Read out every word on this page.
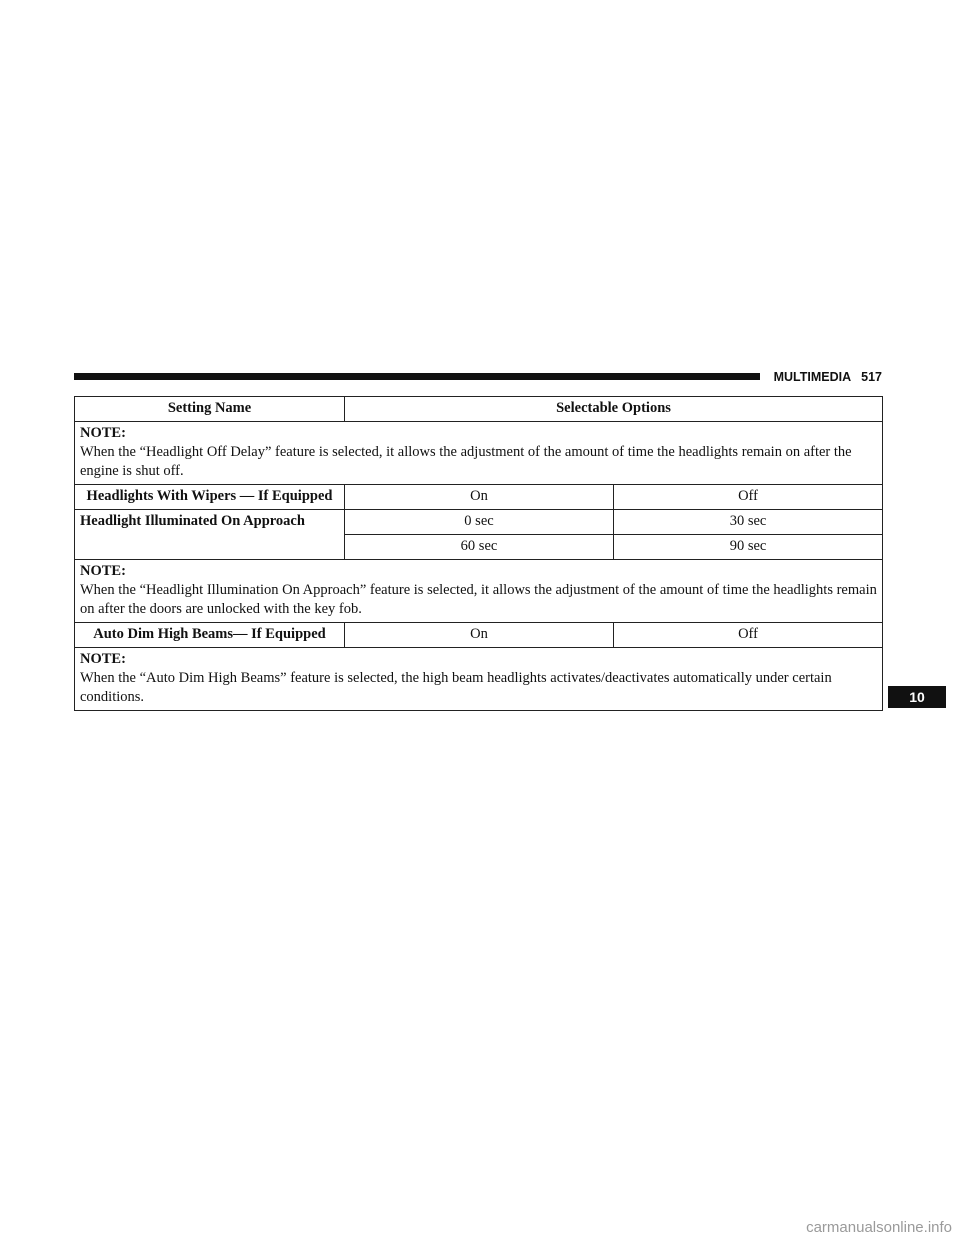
MULTIMEDIA 517
Setting Name	Selectable Options	

NOTE:
When the “Headlight Off Delay” feature is selected, it allows the adjustment of the amount of time the headlights remain on after the engine is shut off.		
Headlights With Wipers — If Equipped	On	Off
Headlight Illuminated On Approach	0 sec	30 sec
	60 sec	90 sec

NOTE:
When the “Headlight Illumination On Approach” feature is selected, it allows the adjustment of the amount of time the headlights remain on after the doors are unlocked with the key fob.		
Auto Dim High Beams— If Equipped	On	Off

NOTE:
When the “Auto Dim High Beams” feature is selected, the high beam headlights activates/deactivates automatically under certain conditions.			10
carmanualsonline.info
